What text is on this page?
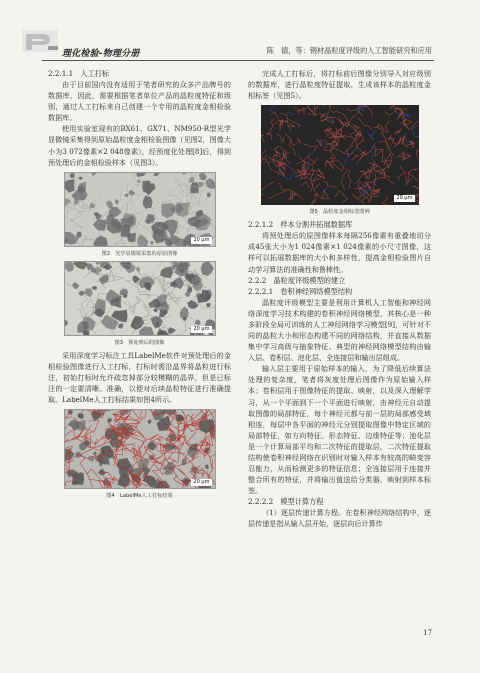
理化检验-物理分册	陈　德，等：钢材晶粒度评级的人工智能研究和应用

2.2.1.1　人工打标

由于目前国内没有适用于笔者研究的众多产品牌号的数据库，因此，需要根据笔者单位产品的晶粒度特征和级别，通过人工打标来自己创建一个专用的晶粒度金相检验数据库。

使用实验室现有的BX61、GX71、NM950-R型光学显微镜采集得到原始晶粒度金相检验图像（见图2，图像大小为3 072像素×2 048像素），经预度化处理[8]后，得到预处理后的金相检验样本（见图3）。

20 μm
图2　光学显微镜采集的原始图像
20 μm
图3　预处理后的图像

采用深度学习标注工具LabelMe软件对预处理后的金相检验图像进行人工打标，打标时需沿晶界将晶粒进行标注，初始打标时允许疏忽掉部分较模糊的晶界，但是已标注的一定要清晰、准确，以便对后续晶粒特征进行准确提取。LabelMe人工打标结果如图4所示。

20 μm
图4　LabelMe人工打标结果

完成人工打标后，将打标前后图像分别导入对应级别的数据库，进行晶粒度特征提取，生成该样本的晶粒度金相标签（见图5）。

20 μm
图5　晶粒度金相标签图例

2.2.1.2　样本分割并拓展数据库

将预处理后的原图像样本每隔256像素有重叠地切分成45张大小为1 024像素×1 024像素的小尺寸图像，这样可以拓展数据库的大小和多样性，提高金相检验图片自动学习算法的准确性和鲁棒性。

2.2.2　晶粒度评级模型的建立

2.2.2.1　卷积神经网络模型结构

晶粒度评级模型主要是利用计算机人工智能和神经网络深度学习技术构建的卷积神经网络模型，其核心是一种多阶段全局可训练的人工神经网络学习模型[9]，可针对不同的晶粒大小和形态构建不同的网络结构，并直接从数据集中学习高级与抽象特征。典型的神经网络模型结构由输入层、卷积层、池化层、全连接层和输出层组成。

输入层主要用于原始样本的输入，为了降低后续算法处理的复杂度，笔者将灰度处理后图像作为原始输入样本；卷积层用于图像特征的提取、映射，以及深入理解学习，从一个平面到下一个平面进行映射，由神经元自动提取图像的局部特征，每个神经元都与前一层的局部感受域相连，每层中各平面的神经元分别提取图像中特定区域的局部特征，如方向特征、形态特征、边缘特征等；池化层是一个计算局部平均和二次特征的提取层，二次特征提取结构使卷积神经网络在识别时对输入样本有较高的畸变容忍能力，从而检测更多的特征信息；全连接层用于连接并整合所有的特征，并将输出值送给分类器，映射到样本标签。

2.2.2.2　模型计算方程

（1）逐层传递计算方程。在卷积神经网络结构中，逐层传递是指从输入层开始，逐层向后计算传

17
